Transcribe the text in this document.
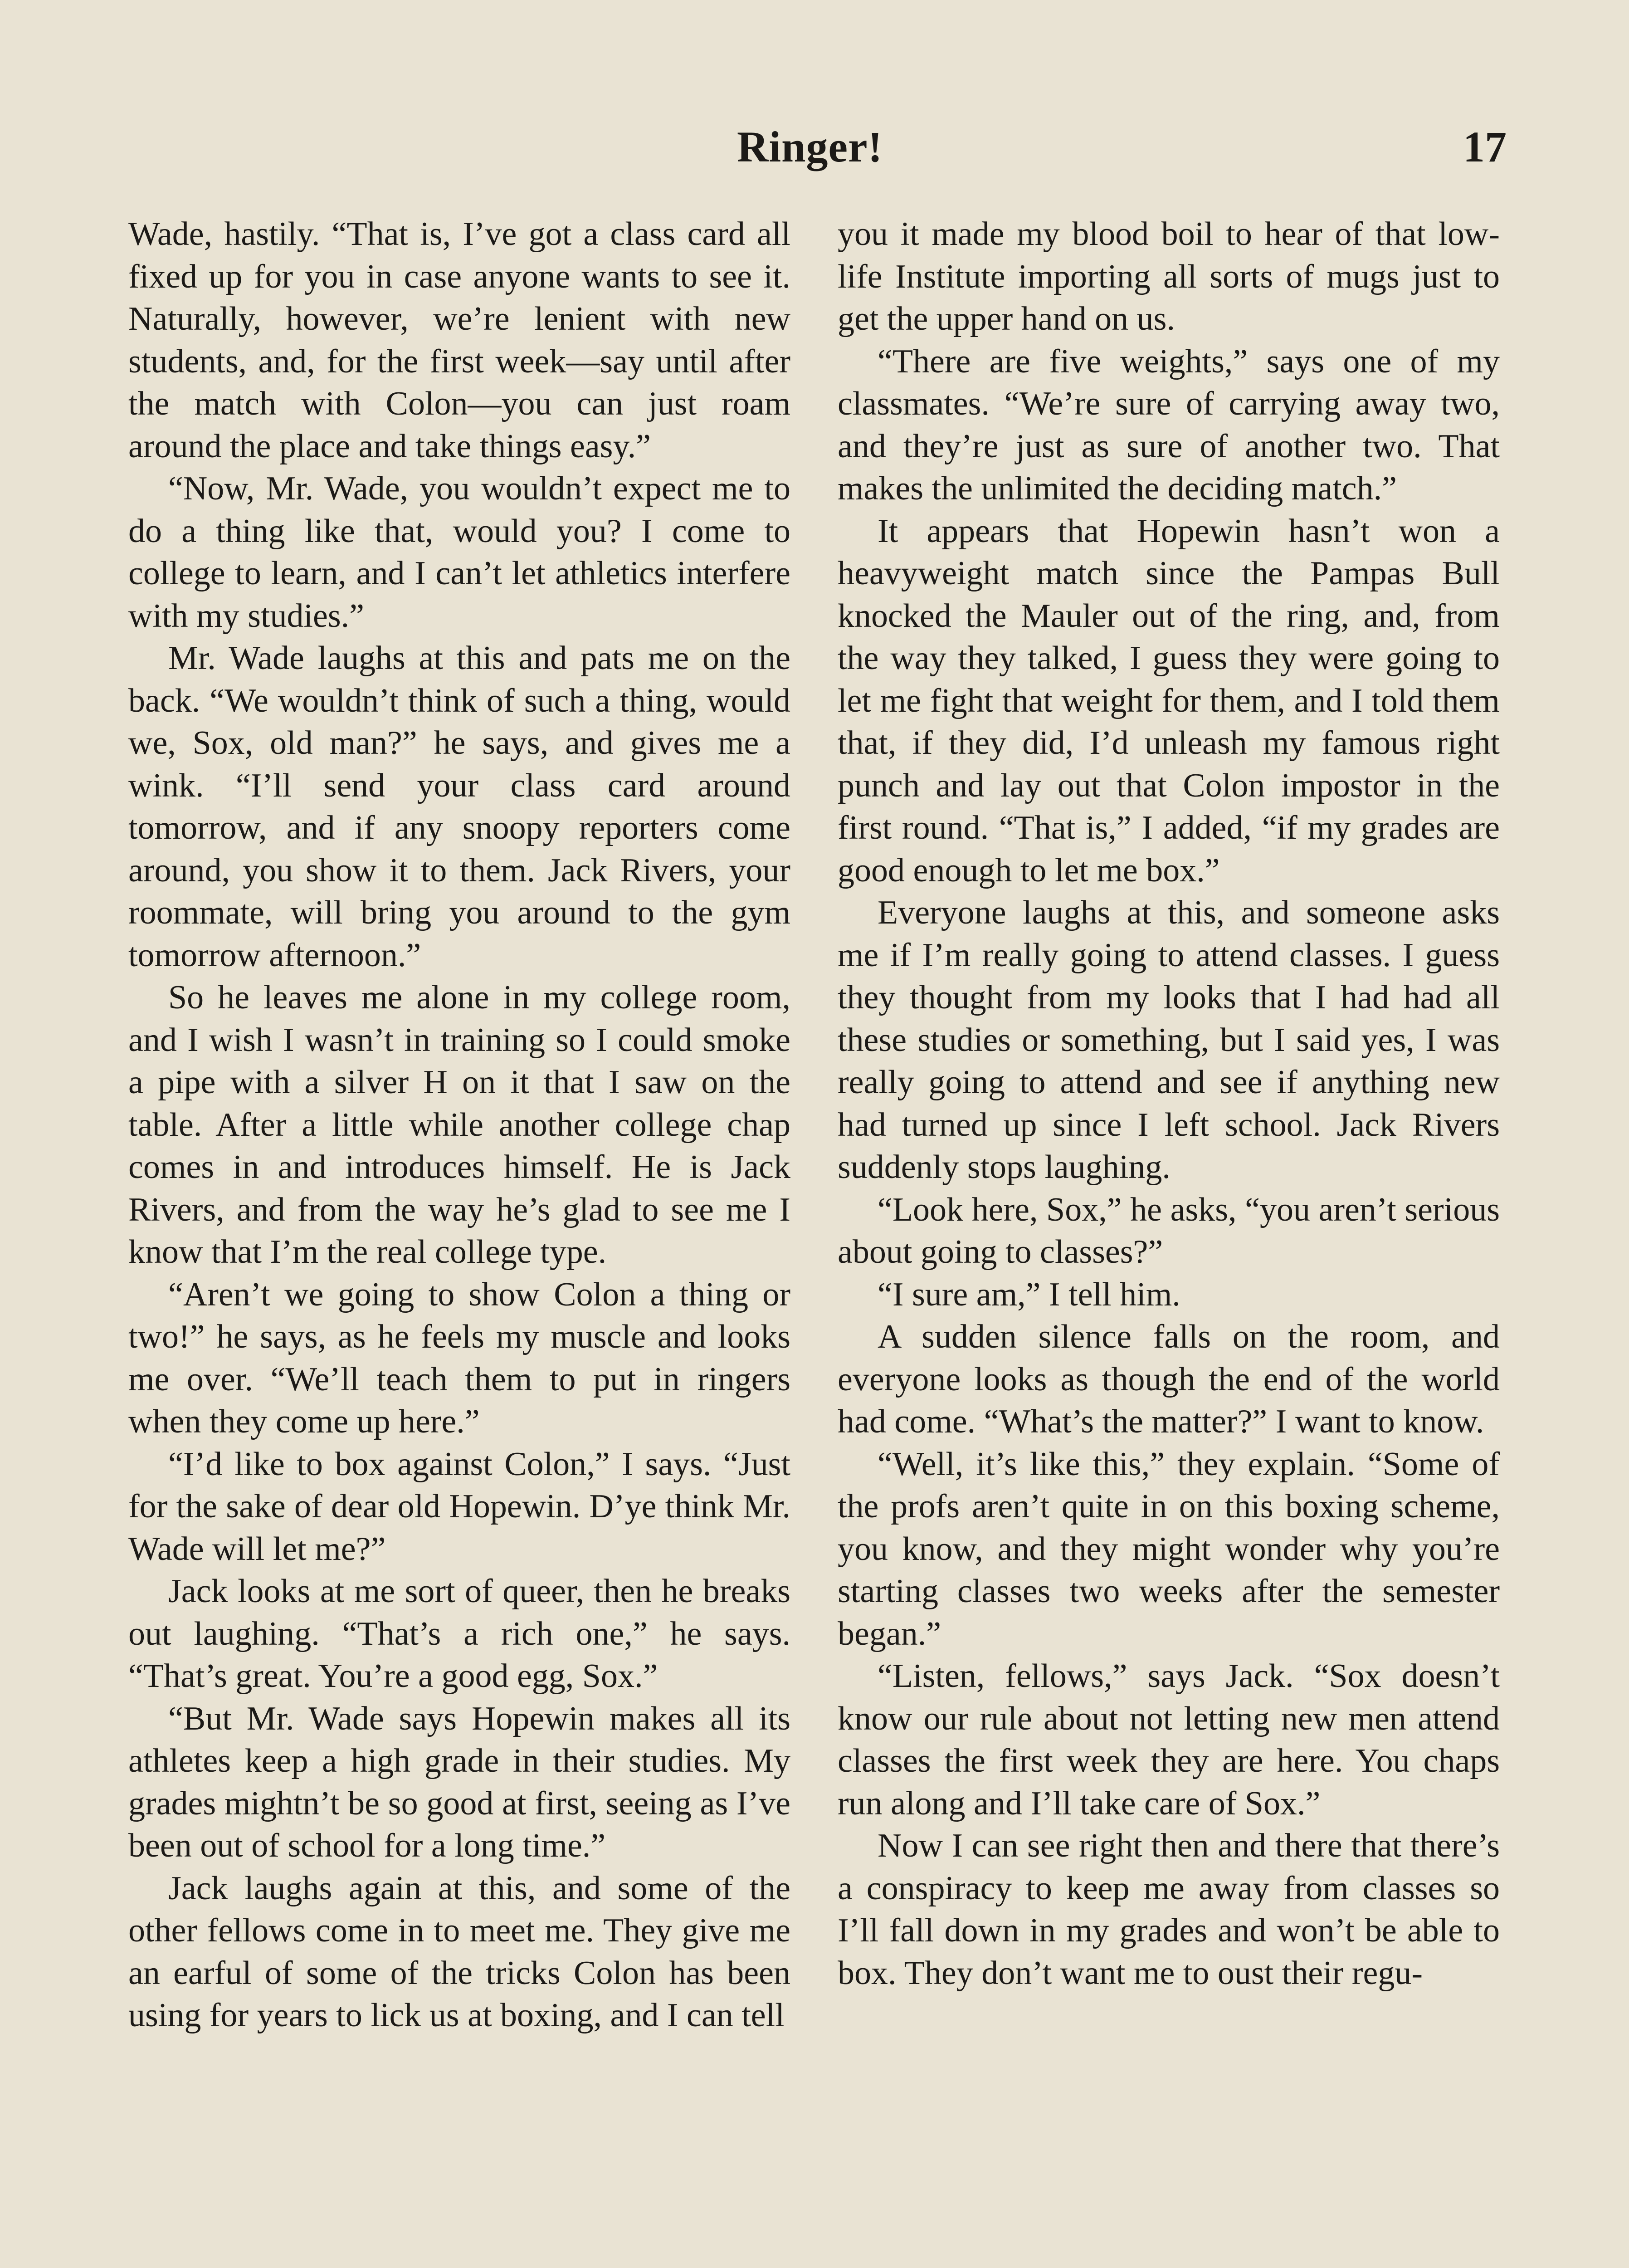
Ringer!	17

Wade, hastily. “That is, I’ve got a class card all fixed up for you in case anyone wants to see it. Naturally, however, we’re lenient with new students, and, for the first week—say until after the match with Colon—you can just roam around the place and take things easy.”

“Now, Mr. Wade, you wouldn’t expect me to do a thing like that, would you? I come to college to learn, and I can’t let athletics interfere with my studies.”

Mr. Wade laughs at this and pats me on the back. “We wouldn’t think of such a thing, would we, Sox, old man?” he says, and gives me a wink. “I’ll send your class card around tomorrow, and if any snoopy reporters come around, you show it to them. Jack Rivers, your roommate, will bring you around to the gym tomorrow afternoon.”

So he leaves me alone in my college room, and I wish I wasn’t in training so I could smoke a pipe with a silver H on it that I saw on the table. After a little while another college chap comes in and introduces himself. He is Jack Rivers, and from the way he’s glad to see me I know that I’m the real college type.

“Aren’t we going to show Colon a thing or two!” he says, as he feels my muscle and looks me over. “We’ll teach them to put in ringers when they come up here.”

“I’d like to box against Colon,” I says. “Just for the sake of dear old Hopewin. D’ye think Mr. Wade will let me?”

Jack looks at me sort of queer, then he breaks out laughing. “That’s a rich one,” he says. “That’s great. You’re a good egg, Sox.”

“But Mr. Wade says Hopewin makes all its athletes keep a high grade in their studies. My grades mightn’t be so good at first, seeing as I’ve been out of school for a long time.”

Jack laughs again at this, and some of the other fellows come in to meet me. They give me an earful of some of the tricks Colon has been using for years to lick us at boxing, and I can tell

you it made my blood boil to hear of that low-life Institute importing all sorts of mugs just to get the upper hand on us.

“There are five weights,” says one of my classmates. “We’re sure of carrying away two, and they’re just as sure of another two. That makes the unlimited the deciding match.”

It appears that Hopewin hasn’t won a heavyweight match since the Pampas Bull knocked the Mauler out of the ring, and, from the way they talked, I guess they were going to let me fight that weight for them, and I told them that, if they did, I’d unleash my famous right punch and lay out that Colon impostor in the first round. “That is,” I added, “if my grades are good enough to let me box.”

Everyone laughs at this, and someone asks me if I’m really going to attend classes. I guess they thought from my looks that I had had all these studies or something, but I said yes, I was really going to attend and see if anything new had turned up since I left school. Jack Rivers suddenly stops laughing.

“Look here, Sox,” he asks, “you aren’t serious about going to classes?”

“I sure am,” I tell him.

A sudden silence falls on the room, and everyone looks as though the end of the world had come. “What’s the matter?” I want to know.

“Well, it’s like this,” they explain. “Some of the profs aren’t quite in on this boxing scheme, you know, and they might wonder why you’re starting classes two weeks after the semester began.”

“Listen, fellows,” says Jack. “Sox doesn’t know our rule about not letting new men attend classes the first week they are here. You chaps run along and I’ll take care of Sox.”

Now I can see right then and there that there’s a conspiracy to keep me away from classes so I’ll fall down in my grades and won’t be able to box. They don’t want me to oust their regu-
